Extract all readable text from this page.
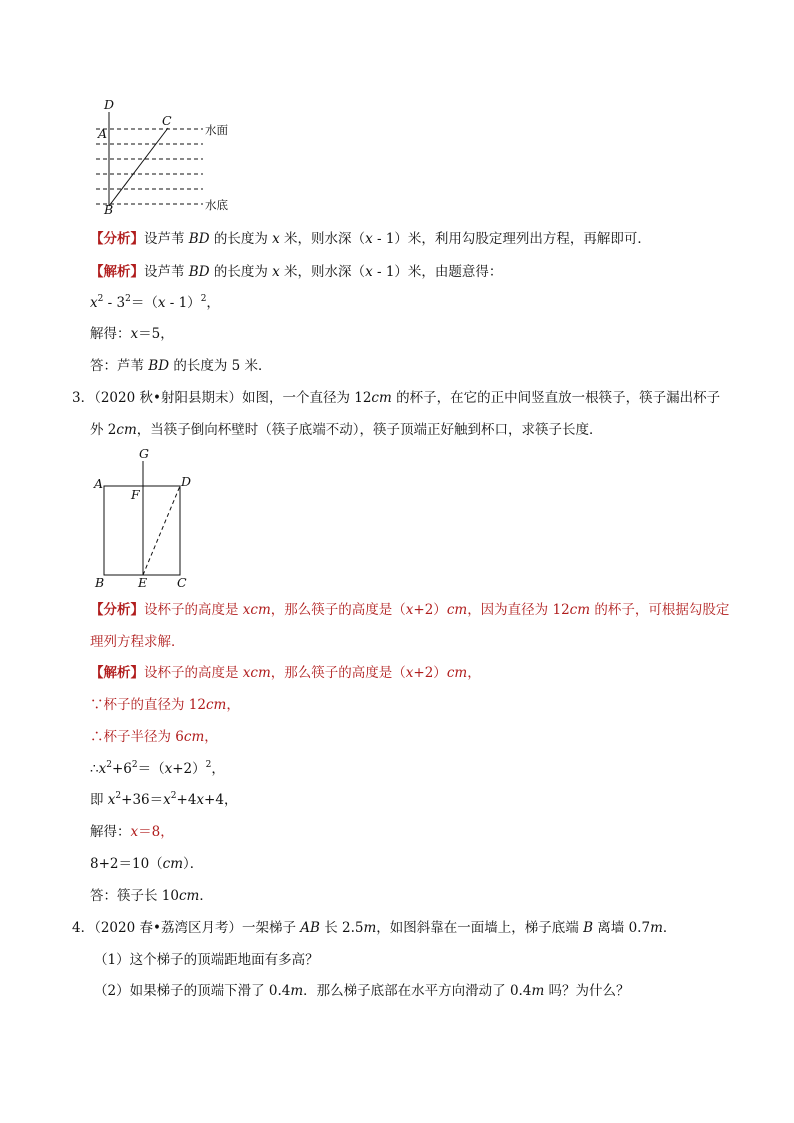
D
C
A
B
水面
水底
【分析】设芦苇 BD 的长度为 x 米，则水深（x - 1）米，利用勾股定理列出方程，再解即可．
【解析】设芦苇 BD 的长度为 x 米，则水深（x - 1）米，由题意得：
$x^2 - 3^2=(x - 1)^2$，
解得：x＝5，
答：芦苇 BD 的长度为 5 米．
3．（2020 秋•射阳县期末）如图，一个直径为 12cm 的杯子，在它的正中间竖直放一根筷子，筷子漏出杯子
外 2cm，当筷子倒向杯壁时（筷子底端不动），筷子顶端正好触到杯口，求筷子长度．
G
A
F
D
B	E C
【分析】设杯子的高度是 xcm，那么筷子的高度是（x+2）cm，因为直径为 12cm 的杯子，可根据勾股定
理列方程求解．
【解析】设杯子的高度是 xcm，那么筷子的高度是（x+2）cm，
∵杯子的直径为 12cm，
∴杯子半径为 6cm，
$\therefore x^2+6^2=(x+2)^2$，
即 $x^2+36=x^2+4x+4$，
解得：x＝8，
8+2＝10（cm）．
答：筷子长 10cm．
4．（2020 春•荔湾区月考）一架梯子 AB 长 2.5m，如图斜靠在一面墙上，梯子底端 B 离墙 0.7m．
（1）这个梯子的顶端距地面有多高？
（2）如果梯子的顶端下滑了 0.4m．那么梯子底部在水平方向滑动了 0.4m 吗？为什么？
